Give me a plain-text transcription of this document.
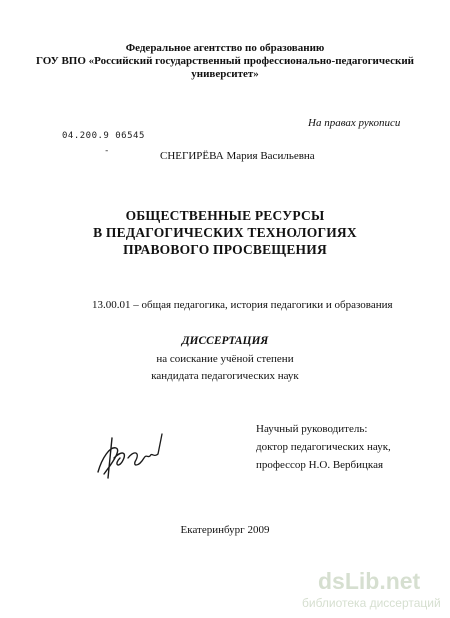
Федеральное агентство по образованию
ГОУ ВПО «Российский государственный профессионально-педагогический
университет»
На правах рукописи
04.200.9 06545
-	СНЕГИРЁВА Мария Васильевна
ОБЩЕСТВЕННЫЕ РЕСУРСЫ
В ПЕДАГОГИЧЕСКИХ ТЕХНОЛОГИЯХ
ПРАВОВОГО ПРОСВЕЩЕНИЯ
13.00.01 – общая педагогика, история педагогики и образования
ДИССЕРТАЦИЯ
на соискание учёной степени
кандидата педагогических наук
Научный руководитель:
доктор педагогических наук,
профессор Н.О. Вербицкая
Екатеринбург 2009
dsLib.net
библиотека диссертаций
